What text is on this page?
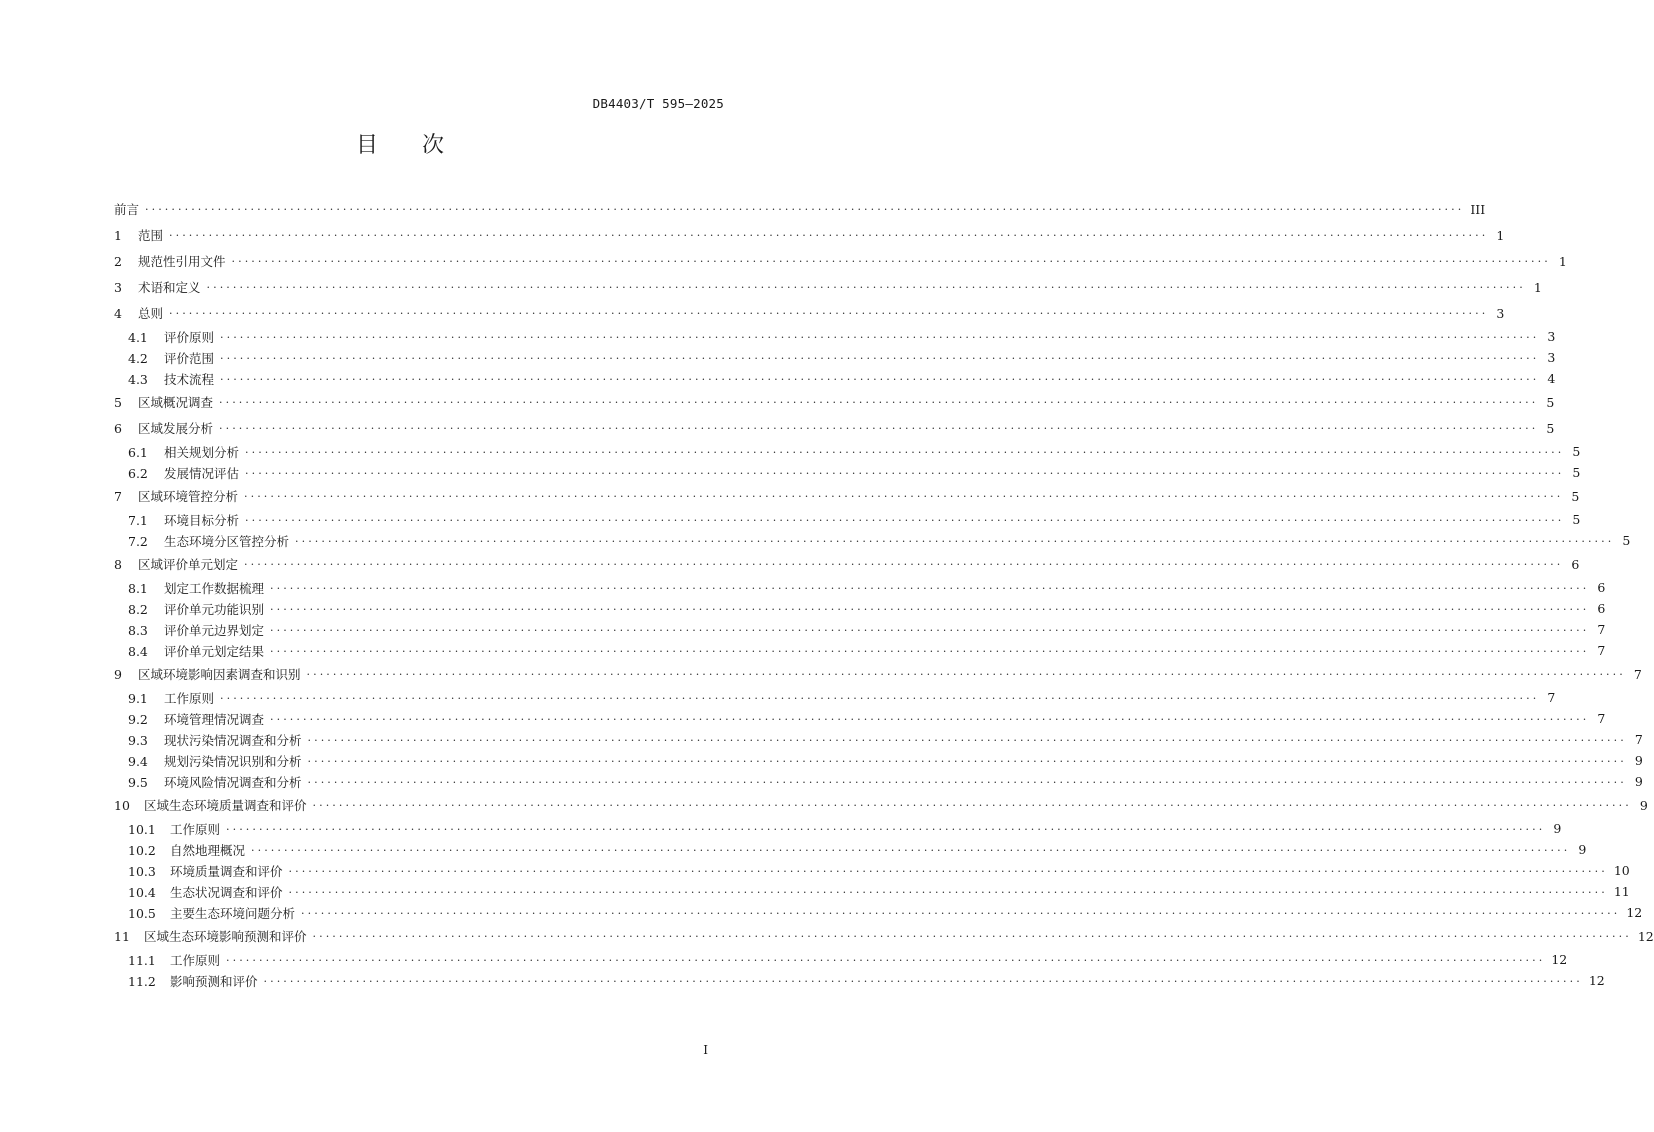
DB4403/T 595—2025
目 次
前言 ........................................................................................................................................................................................................ III
1 范围 ........................................................................................................................................................................................................ 1
2 规范性引用文件 ........................................................................................................................................................................................................ 1
3 术语和定义 ........................................................................................................................................................................................................ 1
4 总则 ........................................................................................................................................................................................................ 3
4.1 评价原则 ........................................................................................................................................................................................................ 3
4.2 评价范围 ........................................................................................................................................................................................................ 3
4.3 技术流程 ........................................................................................................................................................................................................ 4
5 区域概况调查 ........................................................................................................................................................................................................ 5
6 区域发展分析 ........................................................................................................................................................................................................ 5
6.1 相关规划分析 ........................................................................................................................................................................................................ 5
6.2 发展情况评估 ........................................................................................................................................................................................................ 5
7 区域环境管控分析 ........................................................................................................................................................................................................ 5
7.1 环境目标分析 ........................................................................................................................................................................................................ 5
7.2 生态环境分区管控分析 ........................................................................................................................................................................................................ 5
8 区域评价单元划定 ........................................................................................................................................................................................................ 6
8.1 划定工作数据梳理 ........................................................................................................................................................................................................ 6
8.2 评价单元功能识别 ........................................................................................................................................................................................................ 6
8.3 评价单元边界划定 ........................................................................................................................................................................................................ 7
8.4 评价单元划定结果 ........................................................................................................................................................................................................ 7
9 区域环境影响因素调查和识别 ........................................................................................................................................................................................................ 7
9.1 工作原则 ........................................................................................................................................................................................................ 7
9.2 环境管理情况调查 ........................................................................................................................................................................................................ 7
9.3 现状污染情况调查和分析 ........................................................................................................................................................................................................ 7
9.4 规划污染情况识别和分析 ........................................................................................................................................................................................................ 9
9.5 环境风险情况调查和分析 ........................................................................................................................................................................................................ 9
10 区域生态环境质量调查和评价 ........................................................................................................................................................................................................ 9
10.1 工作原则 ........................................................................................................................................................................................................ 9
10.2 自然地理概况 ........................................................................................................................................................................................................ 9
10.3 环境质量调查和评价 ........................................................................................................................................................................................................ 10
10.4 生态状况调查和评价 ........................................................................................................................................................................................................ 11
10.5 主要生态环境问题分析 ........................................................................................................................................................................................................ 12
11 区域生态环境影响预测和评价 ........................................................................................................................................................................................................ 12
11.1 工作原则 ........................................................................................................................................................................................................ 12
11.2 影响预测和评价 ........................................................................................................................................................................................................ 12
I
